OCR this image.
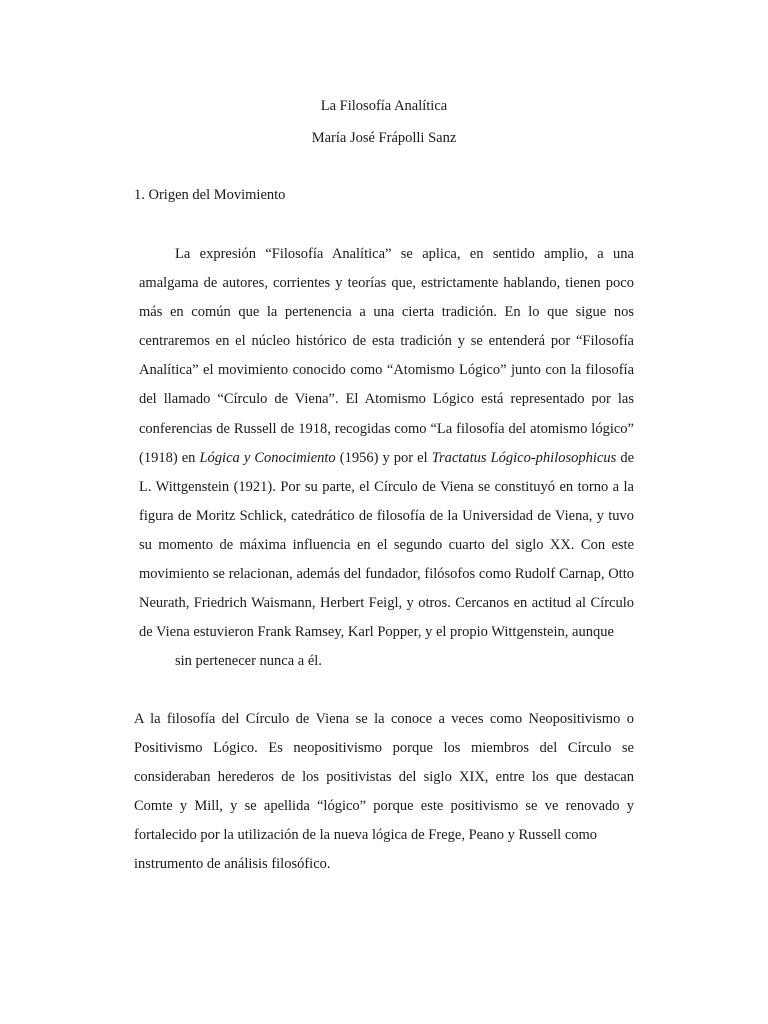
La Filosofía Analítica
María José Frápolli Sanz
1. Origen del Movimiento

La expresión “Filosofía Analítica” se aplica, en sentido amplio, a una amalgama de autores, corrientes y teorías que, estrictamente hablando, tienen poco más en común que la pertenencia a una cierta tradición. En lo que sigue nos centraremos en el núcleo histórico de esta tradición y se entenderá por “Filosofía Analítica” el movimiento conocido como “Atomismo Lógico” junto con la filosofía del llamado “Círculo de Viena”. El Atomismo Lógico está representado por las conferencias de Russell de 1918, recogidas como “La filosofía del atomismo lógico” (1918) en Lógica y Conocimiento (1956) y por el Tractatus Lógico-philosophicus de L. Wittgenstein (1921). Por su parte, el Círculo de Viena se constituyó en torno a la figura de Moritz Schlick, catedrático de filosofía de la Universidad de Viena, y tuvo su momento de máxima influencia en el segundo cuarto del siglo XX. Con este movimiento se relacionan, además del fundador, filósofos como Rudolf Carnap, Otto Neurath, Friedrich Waismann, Herbert Feigl, y otros. Cercanos en actitud al Círculo de Viena estuvieron Frank Ramsey, Karl Popper, y el propio Wittgenstein, aunque
sin pertenecer nunca a él.

A la filosofía del Círculo de Viena se la conoce a veces como Neopositivismo o Positivismo Lógico. Es neopositivismo porque los miembros del Círculo se consideraban herederos de los positivistas del siglo XIX, entre los que destacan Comte y Mill, y se apellida “lógico” porque este positivismo se ve renovado y fortalecido por la utilización de la nueva lógica de Frege, Peano y Russell como
instrumento de análisis filosófico.
